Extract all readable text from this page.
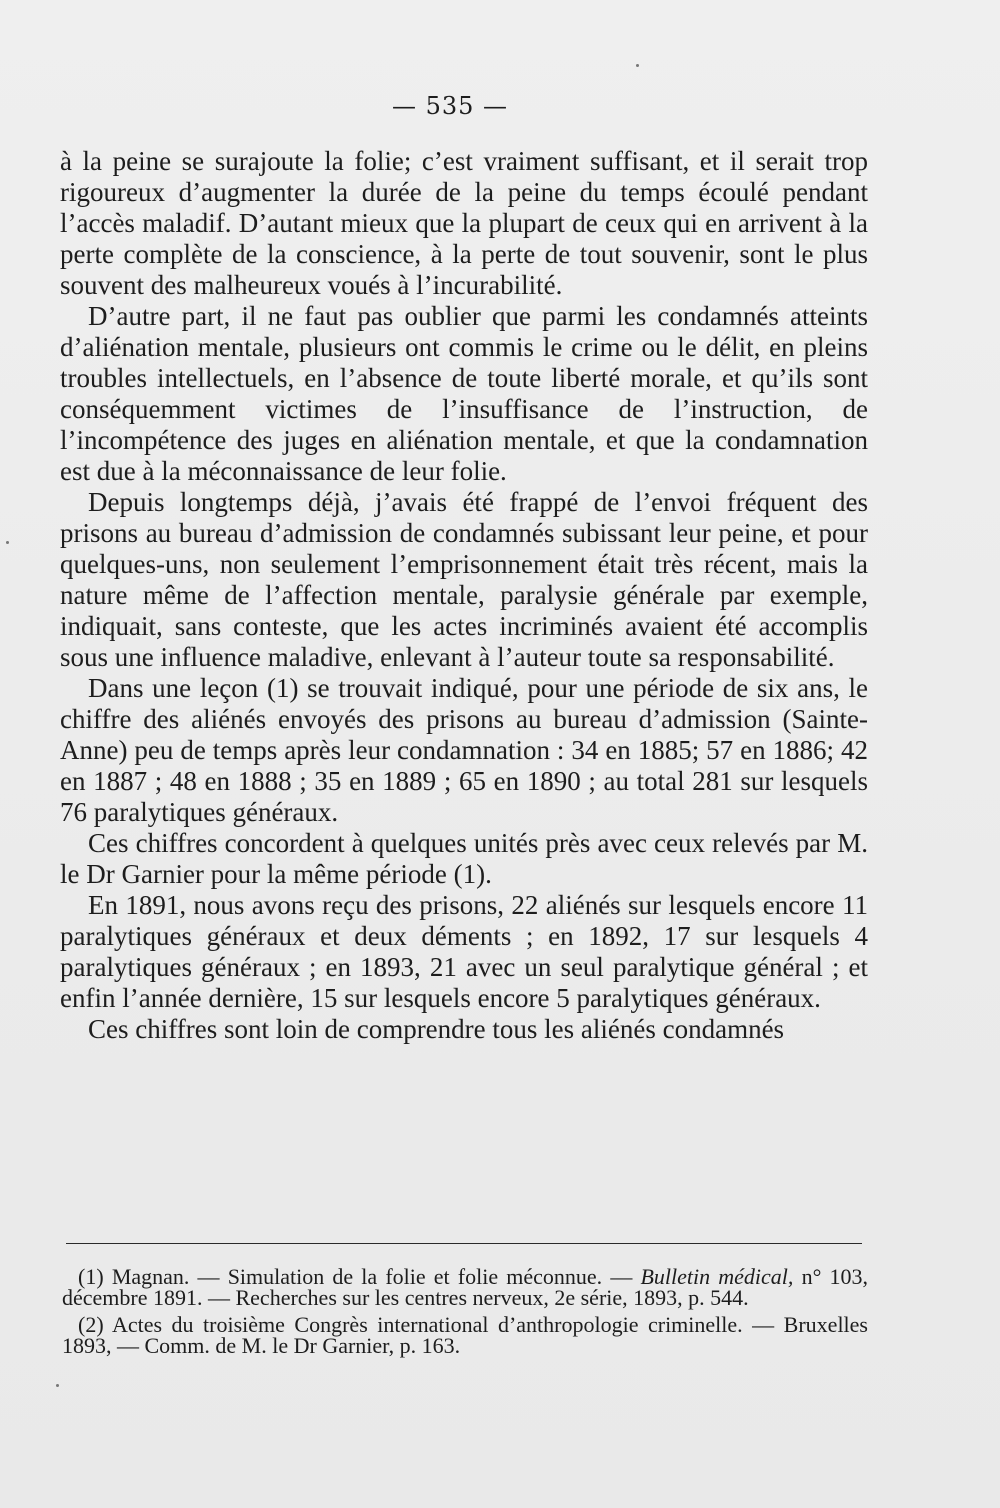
— 535 —

à la peine se surajoute la folie; c’est vraiment suffisant, et il serait trop rigoureux d’augmenter la durée de la peine du temps écoulé pendant l’accès maladif. D’autant mieux que la plupart de ceux qui en arrivent à la perte complète de la conscience, à la perte de tout souvenir, sont le plus souvent des malheureux voués à l’incurabilité.

D’autre part, il ne faut pas oublier que parmi les condamnés atteints d’aliénation mentale, plusieurs ont commis le crime ou le délit, en pleins troubles intellectuels, en l’absence de toute liberté morale, et qu’ils sont conséquemment victimes de l’insuffisance de l’instruction, de l’incompétence des juges en aliénation mentale, et que la condamnation est due à la méconnaissance de leur folie.

Depuis longtemps déjà, j’avais été frappé de l’envoi fréquent des prisons au bureau d’admission de condamnés subissant leur peine, et pour quelques-uns, non seulement l’emprisonnement était très récent, mais la nature même de l’affection mentale, paralysie générale par exemple, indiquait, sans conteste, que les actes incriminés avaient été accomplis sous une influence maladive, enlevant à l’auteur toute sa responsabilité.

Dans une leçon (1) se trouvait indiqué, pour une période de six ans, le chiffre des aliénés envoyés des prisons au bureau d’admission (Sainte-Anne) peu de temps après leur condamnation : 34 en 1885; 57 en 1886; 42 en 1887 ; 48 en 1888 ; 35 en 1889 ; 65 en 1890 ; au total 281 sur lesquels 76 paralytiques généraux.

Ces chiffres concordent à quelques unités près avec ceux relevés par M. le Dr Garnier pour la même période (1).

En 1891, nous avons reçu des prisons, 22 aliénés sur lesquels encore 11 paralytiques généraux et deux déments ; en 1892, 17 sur lesquels 4 paralytiques généraux ; en 1893, 21 avec un seul paralytique général ; et enfin l’année dernière, 15 sur lesquels encore 5 paralytiques généraux.

Ces chiffres sont loin de comprendre tous les aliénés condamnés

(1) Magnan. — Simulation de la folie et folie méconnue. — Bulletin médical, n° 103, décembre 1891. — Recherches sur les centres nerveux, 2e série, 1893, p. 544.

(2) Actes du troisième Congrès international d’anthropologie criminelle. — Bruxelles 1893, — Comm. de M. le Dr Garnier, p. 163.
